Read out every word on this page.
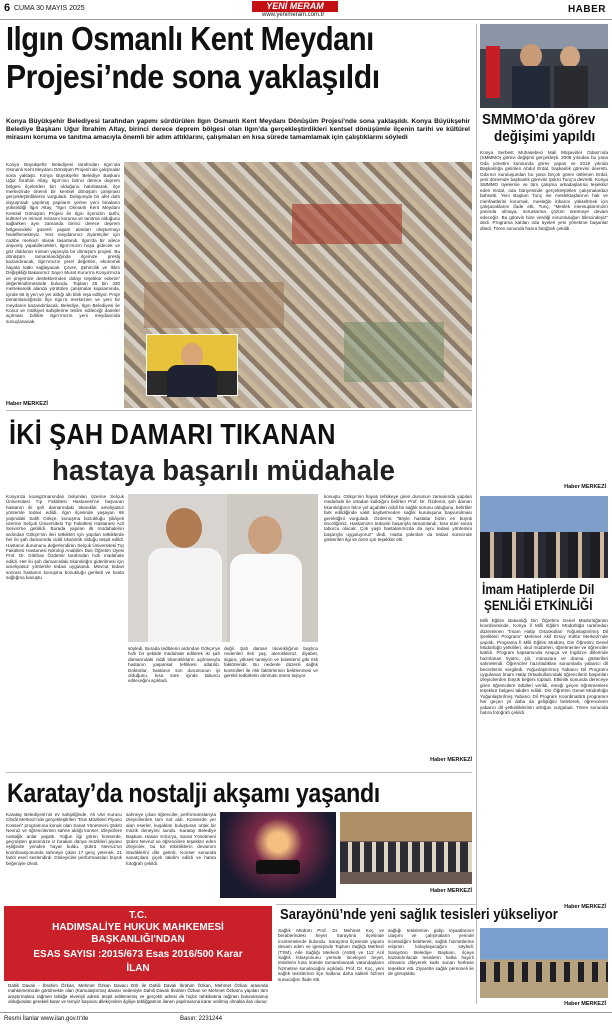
6 CUMA 30 MAYIS 2025	YENİ MERAM
www.yenimeram.com.tr	HABER
Ilgın Osmanlı Kent Meydanı
Projesi’nde sona yaklaşıldı
Konya Büyükşehir Belediyesi tarafından yapımı sürdürülen Ilgın Osmanlı Kent Meydanı Dönüşüm Projesi’nde sona yaklaşıldı. Konya Büyükşehir Belediye Başkanı Uğur İbrahim Altay, birinci derece deprem bölgesi olan Ilgın’da gerçekleştirdikleri kentsel dönüşümle ilçenin tarihi ve kültürel mirasını koruma ve tanıtma amacıyla önemli bir adım attıklarını, çalışmaları en kısa sürede tamamlamak için çalıştıklarını söyledi
Konya Büyükşehir Belediyesi tarafından Ilgın’ıda Osmanlı Kent Meydanı Dönüşüm Projesi’nde çalışmalar sona yaklaştı. Konya Büyükşehir Belediye Başkanı Uğur İbrahim Altay, Ilgın’ının birinci derece deprem bölgesi ilçelerden biri olduğunu hatırlatarak, ilçe merkezinde önemli bir kentsel dönüşüm çalışması gerçekleştirdiklerini vurguladı. Dolayısıyla bir afet dahi doyuşmadı yapılmış yapıların yerine yeni binaların yükseldiği Ilgın Altay, “Ilgın Osmanlı Kent Meydanı Kentsel Dönüşüm Projesi ile Ilgın ilçemizin tarihi, kültürel ve mimari mirasını koruma ve tanıtma olduğunu sağlarken aynı zamanda birinci derece deprem bölgesindeki güvenli yaşam alanları oluşturmayı hedeflemekteyiz. Yeni meydanımız ziyaretçiler için cazibe merkezi olarak tasarlandı. Ilgın’da bir ailece alışveriş yapabilecekleri, Ilgın’ımızın hoşa gidecek ve göz dolduran mimari yapısıyla bir dönüşüm projesi. Bu dönüşüm tamamlandığında ilçemize prestij kazandıracak, Ilgın’ımızın yerel değerleri, ekonomik hayata katkı sağlayacak. Çevre, Şehircilik ve İklim Değişikliği Bakanımız Sayın Murat Kurum’a Konya’mıza ve projemize desteklerinden dolayı teşekkür ederim” değerlendirmesinde bulundu. Toplam 26 bin 430 metrekarelik alanda yürütülen çalışmalar kapsamında, içinde 66 iş yeri ve yer aldığı altı blok inşa ediliyor. Proje tamamlandığında İlçe Ilgın’a merkezine ve yeni bir meydanın kazandırılacak. Belediye, Ilgın Belediyesi ile Konut ve mülkiyet sahiplerine teslim edileceği daireler açılması birlikte Ilgın’ımızın yeni meydanında sonuçlanacak.
Haber MERKEZİ
İKİ ŞAH DAMARI TIKANAN
hastaya başarılı müdahale
Konya’da koasgzmanından bolumlan üzerine Selçuk Üniversitesi Tıp Fakültesi Hastanesi’ne başvuran hastanın iki şah damarındaki tıkanıklık ameliyatsız yöntemle tedavi edildi. Ilgın ilçesinde yaşayan 68 yaşındaki Salih Gökçe, konuşma bozukluğu şikâyeti üzerine Selçuk Üniversitesi Tıp Fakültesi Hastanesi Acil Servisi’ne getirildi. Burada yapılan ilk müdahalenin ardından Gökçe’nin ileri tetkikleri için yapılan tetkiklerde her iki şah damarında ciddi tıkanıklık olduğu tespit edildi. Hastanın durumunu değerlendiren Selçuk Üniversitesi Tıp Fakültesi Hastanesi Nöroloji Anabilim Dalı Öğretim Üyesi Prof. Dr. Gökhan Özdemir tarafından hızlı müdahale edildi. Her iki şah damarındaki tıkanıklığın giderilmesi için ameliyatsız yöntemle tedavi uygulandı. Mevcut tedavi sonrası hastanın konuşma bozukluğu geriledi ve hasta sağlığına kavuştu.
söyledi. Burada tedbilerin ardından Gökçe’ye hızlı bir şekilde müdahale edilerek iki şah damarındaki ciddi tıkanıklıkların açılmasıyla hastanın yaşamsal tehlikesi atlatıldı. Doktorlar, hastanın son durumunun iyi olduğunu, kısa süre içinde taburcu edileceğini açıkladı.
değil. Şah damarı tıkanıklığının başlıca nedenleri ileri yaş, ateroskleroz, diyabet, sigara, yüksek tansiyon ve kolesterol gibi risk faktörleridir. Bu nedenle düzenli sağlık kontrolleri ile risk faktörlerinin belirlenmesi ve gerekli tedbirlerin alınması önem taşıyor.
konuştu. Gökçe’nin hayatı tehlikeye giren durumun zamanında yapılan müdahale ile ortadan kalktığını belirten Prof. Dr. Özdemir, şah damarı tıkanıklığının felce yol açabilen ciddi bir sağlık sorunu olduğunu, belirtiler fark edildiğinde vakit kaybetmeden sağlık kuruluşuna başvurulması gerektiğini vurguladı. Özdemir, “Böyle hastalar bizim en büyük önceliğimiz. Hastamızın tedavisi başarıyla tamamlandı, kısa süre sonra taburcu olacak. Çok yaşlı hastalarımızda da aynı tedavi yöntemini başarıyla uyguluyoruz” dedi. Hasta yakınları da tedavi sürecinde gösterilen ilgi ve özen için teşekkür etti.
Haber MERKEZİ
Karatay’da nostalji akşamı yaşandı
Karatay Belediyesi’nin ev sahipliğinde, Ali Ulvi Kurucu Cibrâl Merkezi’nde gerçekleştirilen “Dün Müzikleri Piyano Konseri” programına konuk olan Sanat Yönetmeni Şükrü Nevruz ve öğrencilerinin sahne aldığı konser, izleyicilere nostaljik anlar yaşattı. Yoğun ilgi gören konserde, geçmişten günümüze iz bırakan dünya müzikleri piyano eşliğinde yeniden hayat buldu. Şükrü Nevruz’un koordinasyonunda sahneye çıkan 17 genç yetenek, 21 farklı eseri seslendirdi. Dinleyiciler performansları büyük beğeniyle izledi.
sahneye çıkan öğrenciler, performanslarıyla izleyicilerden tam not aldı. Konserde yer alan eserler, kuşakları buluşturan ortak bir müzik deneyimi sundu. Karatay Belediye Başkanı Hasan Kılca’ya, Sanat Yönetmeni Şükrü Nevruz ve öğrencilere teşekkür eden izleyiciler, bu tür etkinliklerin devamını istediklerini dile getirdi. Konser sonunda sanatçılara çiçek takdim edildi ve hatıra fotoğrafı çekildi.
Haber MERKEZİ
SMMMO’da görev
değişimi yapıldı
Konya Serbest Muhasebeci Mali Müşavirler Odası’nda (SMMMO) görevi değişimi gerçekleşti. 2008 yılından bu yana Oda yönetim kurulunda görev yapan ve 2019 yılında Başkanlığa getirilen Abdul Erdal, başkanlık görevini devretti. Oda’nın kuruluşundan bu yana birçok görev üstlenen Erdal, yeni dönemde başkanlık görevini Şükrü Tunç’a devretti. Konya SMMMO üyelerine ve tüm çalışma arkadaşlarına teşekkür eden Erdal, oda bünyesinde gerçekleştirilen çalışmalardan bahsetti. Yeni Başkan Tunç ise meslektaşlarının hak ve menfaatlerini korumak, mesleğin itibarını yükseltmek için çalışacaklarını ifade etti. Tunç, “Meslek mensuplarımızın yanında olmaya, sorunlarına çözüm üretmeye devam edeceğiz. Bu görevin bize verdiği sorumluluğun bilincindeyiz” dedi. Programa katılan oda üyeleri yeni yönetime başarılar diledi. Tören sonunda hatıra fotoğrafı çekildi.
Haber MERKEZİ
İmam Hatiplerde Dil
ŞENLİĞİ ETKİNLİĞİ
Milli Eğitim Bakanlığı Din Öğretimi Genel Müdürlüğünün koordinesinde, Konya İl Milli Eğitim Müdürlüğü tarafından düzenlenen “İmam Hatip Ortaokulları Yoğunlaştırılmış Dil Şenlikleri Programı” Mehmet Akif Ersoy Kültür Merkezi’nde yapıldı. Programa İl Milli Eğitim Müdürü, Din Öğretimi Genel Müdürlüğü yetkilileri, okul müdürleri, öğretmenler ve öğrenciler katıldı. Program kapsamında Arapça ve İngilizce dillerinde hazırlanan tiyatro, şiir, münazara ve drama gösterileri sahnelendi. Öğrenciler hazırladıkları sunumlarla yabancı dil becerilerini sergiledi. Yoğunlaştırılmış Yabancı Dil Programı uygulanan İmam Hatip Ortaokullarındaki öğrencilerin başarıları izleyicilerden büyük beğeni topladı. Etkinlik sonunda dereceye giren öğrencilere ödülleri verildi, emeği geçen öğretmenlere teşekkür belgesi takdim edildi. Din Öğretimi Genel Müdürlüğü Yoğunlaştırılmış Yabancı Dil Program Koordinatörü programın her geçen yıl daha da geliştiğini belirterek, öğrencilerin yabancı dil yetkinliklerinin arttığını vurguladı. Tören sonunda hatıra fotoğrafı çekildi.
Haber MERKEZİ
Sarayönü’nde yeni sağlık tesisleri yükseliyor
Sağlık Müdürü Prof. Dr. Mehmet Koç ve beraberindeki heyet Sarayönü ilçesinde incelemelerde bulundu. Sarayönü ilçesinde yapımı devam eden ve igenişinde Toplum Sağlığı Merkezi (TSM), Aile Sağlığı Merkezi (ASM) ve 112 Acil Sağlık İstasyonunu yerinde inceleyen heyet, tesislerin kısa sürede tamamlanarak vatandaşların hizmetine sunulacağını açıkladı. Prof. Dr. Koç, yeni sağlık tesislerinin ilçe halkına daha kaliteli hizmet sunacağını ifade etti.
sağlığı tesislerinin gidip inşaatlarının ulaşımı ve çalışmaların yerinde incelediğini belirterek, sağlık hizmetlerine erişimin kolaylaşacağını söyledi. Sarayönü Belediye Başkanı, ilçeye kazandırılacak tesislerin halka hayırlı olmasını dileyerek katkı sunan herkese teşekkür etti. Ziyarette sağlık personeli ile de görüşüldü.
Haber MERKEZİ
T.C.
HADIMSALİYE HUKUK MAHKEMESİ
BAŞKANLIĞI'NDAN
ESAS SAYISI :2015/673 Esas 2016/500 Karar
İLAN
Dahili Davalı - İbrahim Özkan, Mehmet Özkan Davacı DSİ ile Dahili Davalı İbrahim Özkan, Mehmet Özkan arasında mahkememizde görülmekte olan (Kamulaştırma) davası nedeniyle Dahili Davalı İbrahim Özkan ve Mehmet Özkan’a yapılan tüm araştırmalara rağmen tebliğe elverişli adresi tespit edilememiş ve gerçekti adresi de hiçbir tahkikatına rağmen bulunamamış olduğundan gerekeli karar ve temyiz başvuru dilekçesinin ilgiliye tebliğgatının ilanen yapılmasına karar verilmiş olmakla ilan olunur.
Resmi İlanlar www.ilan.gov.tr'de	Basın: 2231244
